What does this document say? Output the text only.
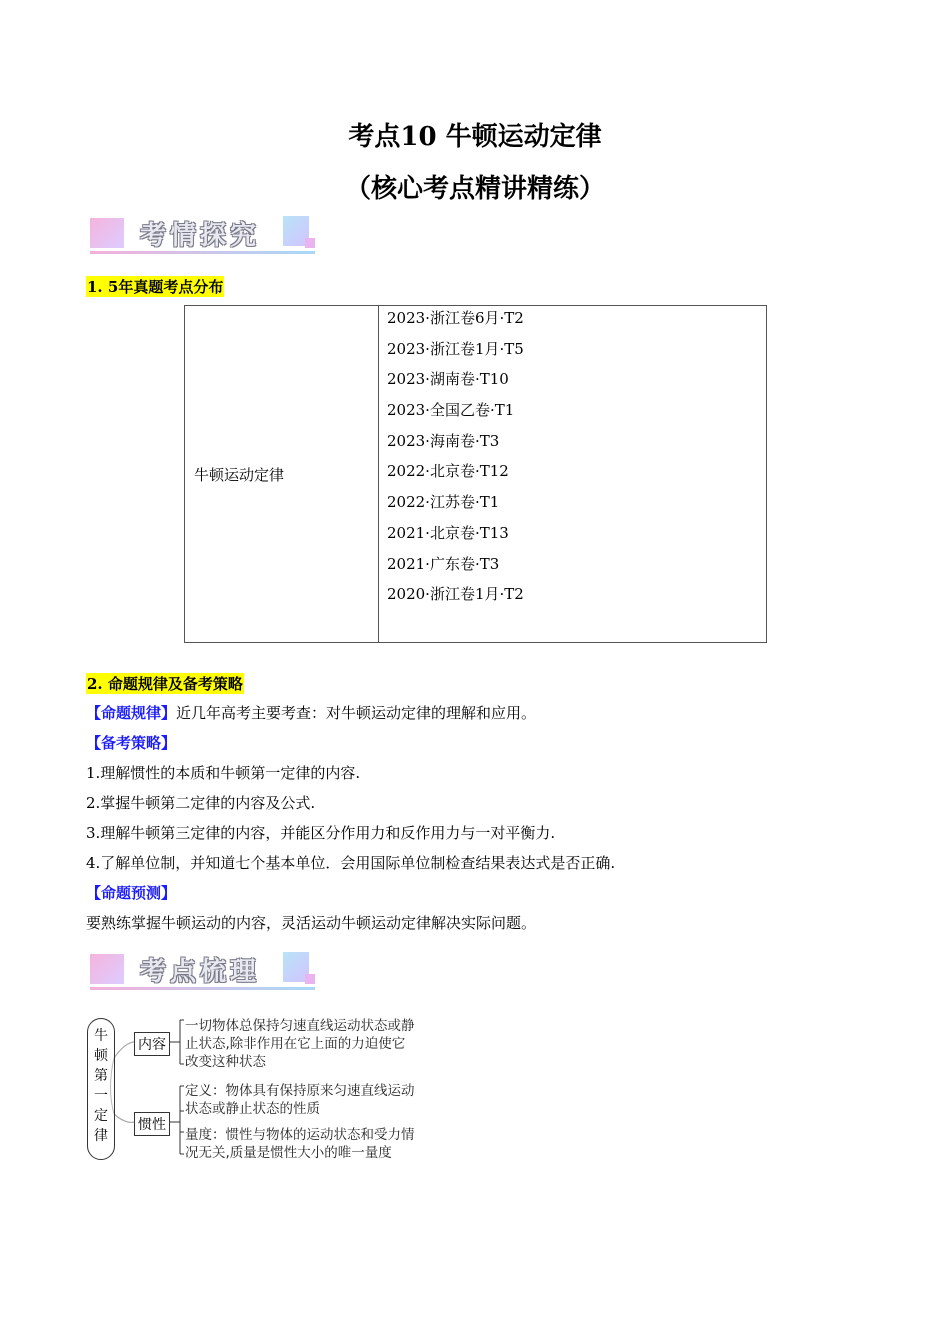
考点10 牛顿运动定律
（核心考点精讲精练）
考情探究
1. 5年真题考点分布
牛顿运动定律	
2023·浙江卷6月·T2
2023·浙江卷1月·T5
2023·湖南卷·T10
2023·全国乙卷·T1
2023·海南卷·T3
2022·北京卷·T12
2022·江苏卷·T1
2021·北京卷·T13
2021·广东卷·T3
2020·浙江卷1月·T2
2. 命题规律及备考策略
【命题规律】近几年高考主要考查：对牛顿运动定律的理解和应用。
【备考策略】
1.理解惯性的本质和牛顿第一定律的内容.
2.掌握牛顿第二定律的内容及公式.
3.理解牛顿第三定律的内容，并能区分作用力和反作用力与一对平衡力.
4.了解单位制，并知道七个基本单位．会用国际单位制检查结果表达式是否正确.
【命题预测】
要熟练掌握牛顿运动的内容，灵活运动牛顿运动定律解决实际问题。
考点梳理
牛顿第一定律
内容
惯性
一切物体总保持匀速直线运动状态或静
止状态,除非作用在它上面的力迫使它
改变这种状态
定义：物体具有保持原来匀速直线运动
状态或静止状态的性质
量度：惯性与物体的运动状态和受力情
况无关,质量是惯性大小的唯一量度
